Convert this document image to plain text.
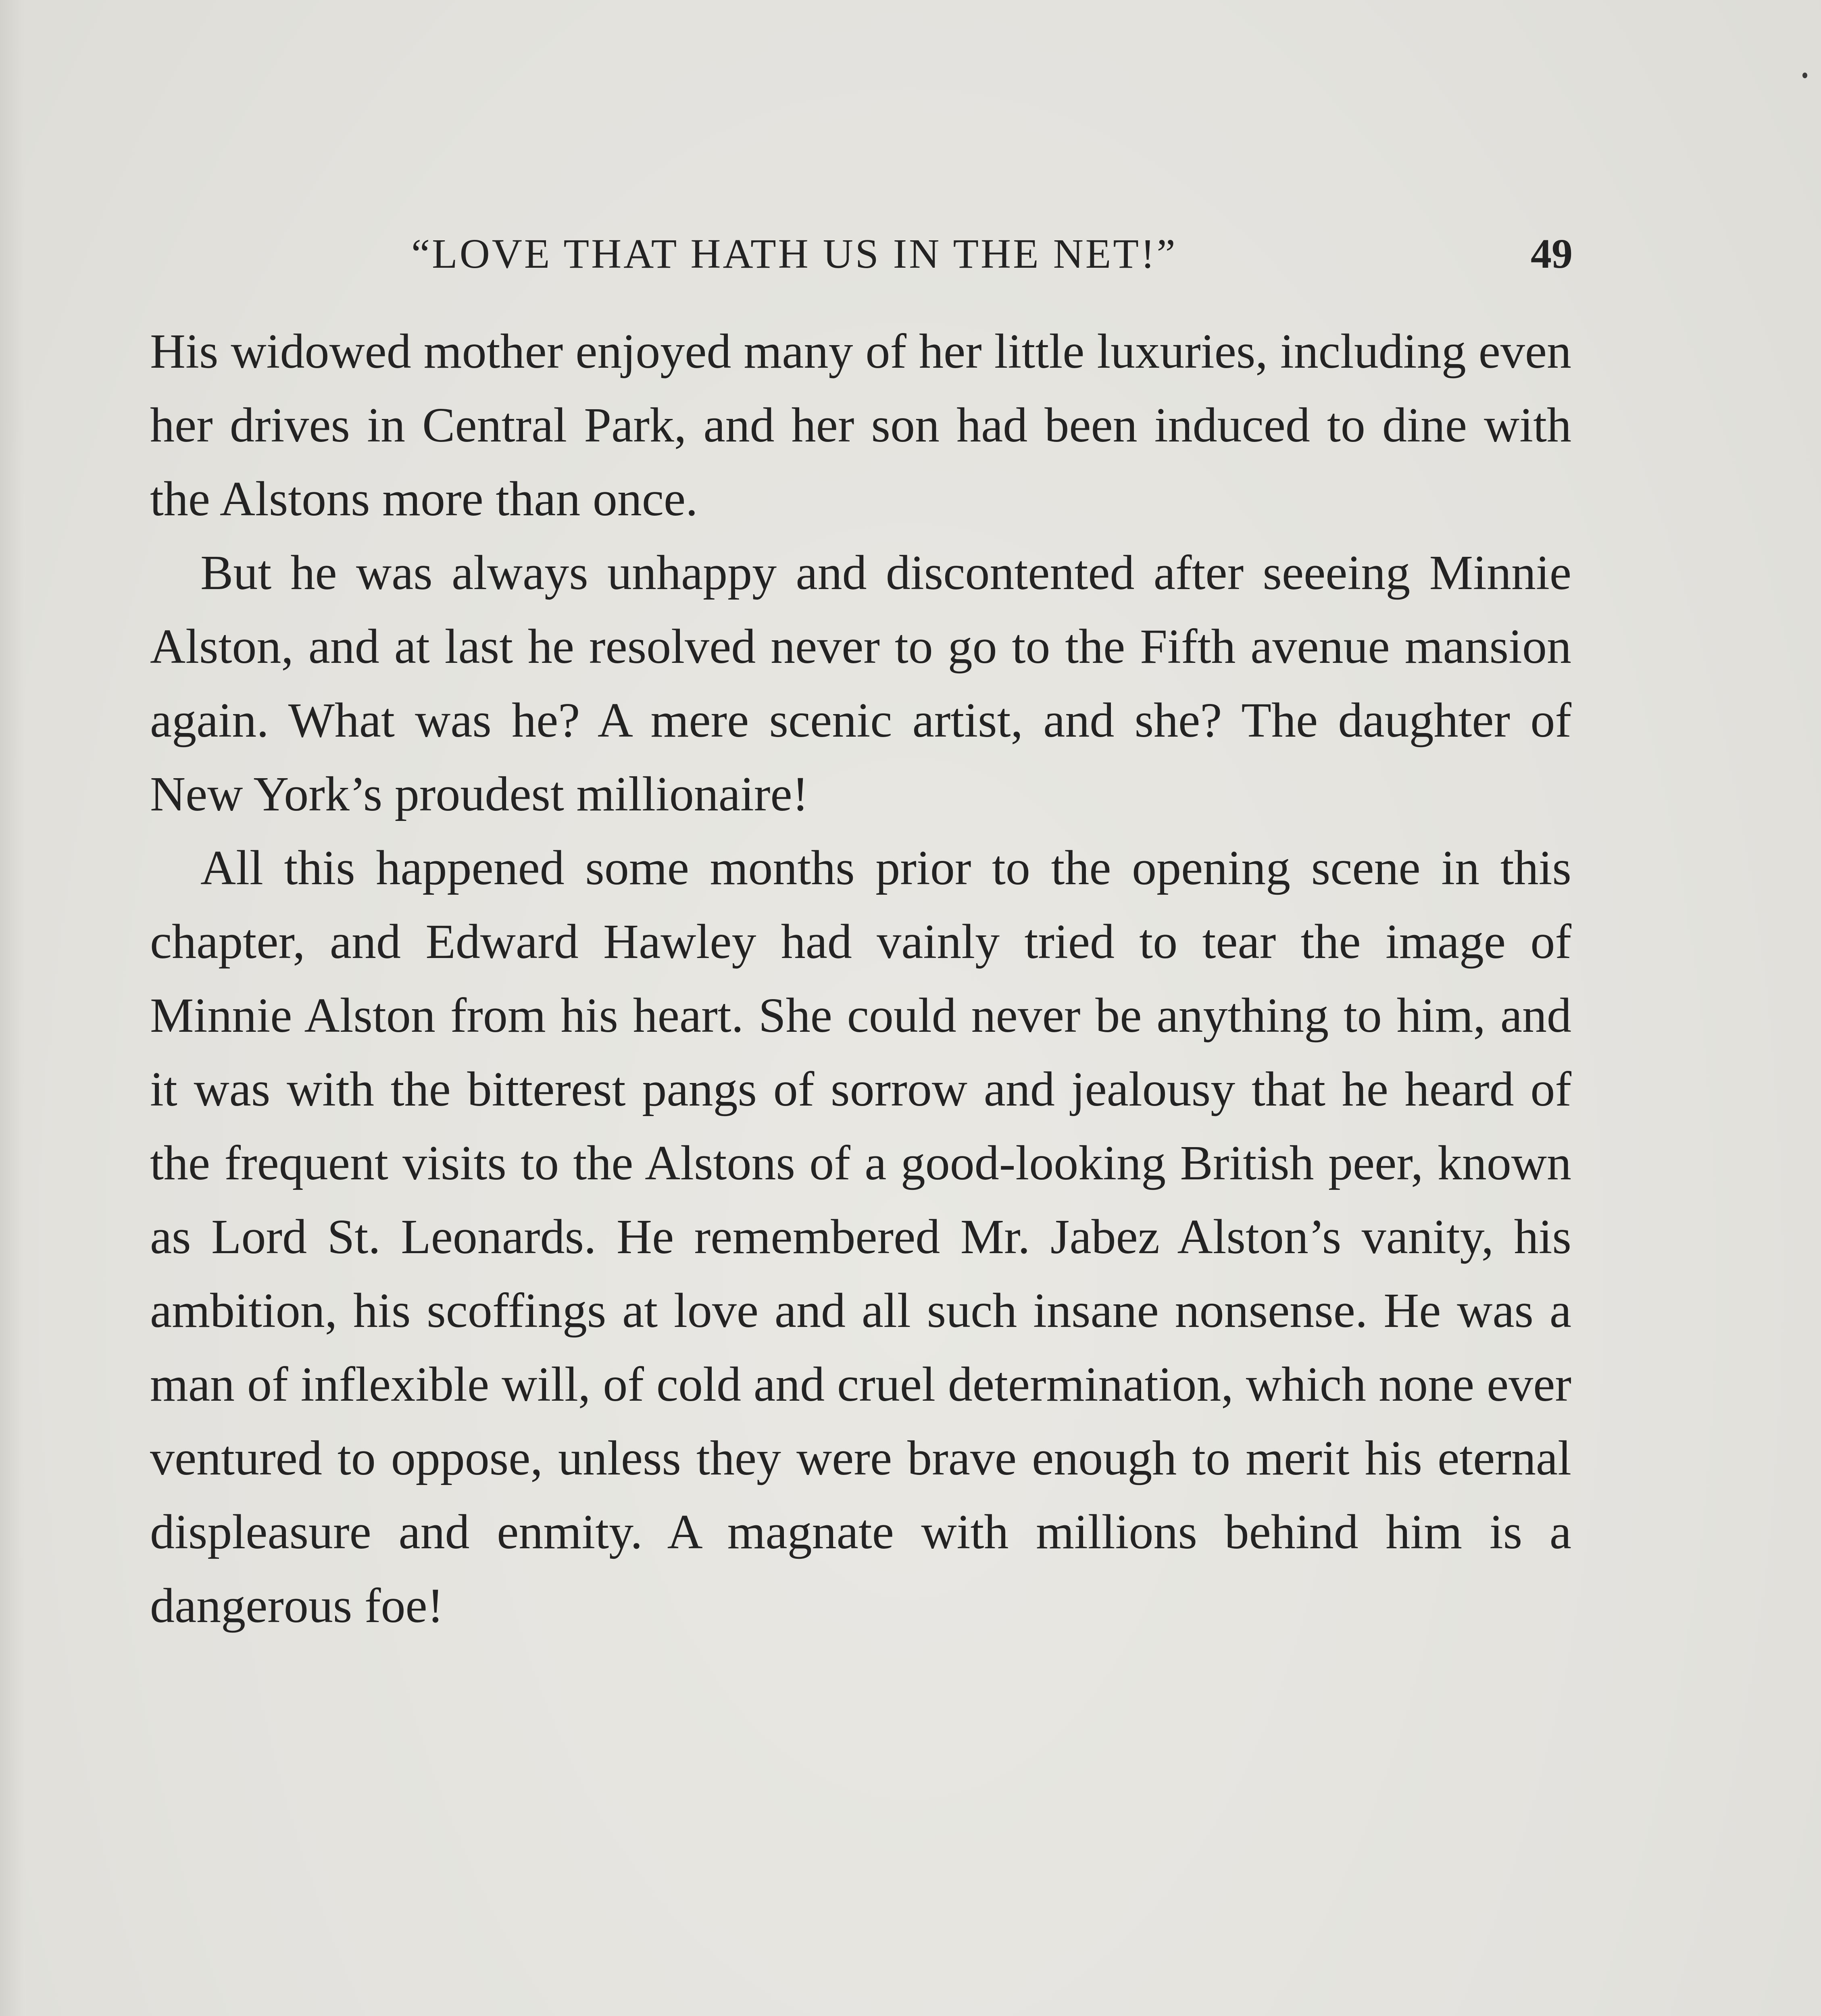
“LOVE THAT HATH US IN THE NET!”	49

His widowed mother enjoyed many of her little luxuries, including even her drives in Central Park, and her son had been induced to dine with the Alstons more than once.

But he was always unhappy and discontented after seeeing Minnie Alston, and at last he resolved never to go to the Fifth avenue mansion again. What was he? A mere scenic artist, and she? The daughter of New York’s proudest millionaire!

All this happened some months prior to the opening scene in this chapter, and Edward Hawley had vainly tried to tear the image of Minnie Alston from his heart. She could never be anything to him, and it was with the bitterest pangs of sorrow and jealousy that he heard of the frequent visits to the Alstons of a good-looking British peer, known as Lord St. Leonards. He remembered Mr. Jabez Alston’s vanity, his ambition, his scoffings at love and all such insane nonsense. He was a man of inflexible will, of cold and cruel determination, which none ever ventured to oppose, unless they were brave enough to merit his eternal displeasure and enmity. A magnate with millions behind him is a dangerous foe!
